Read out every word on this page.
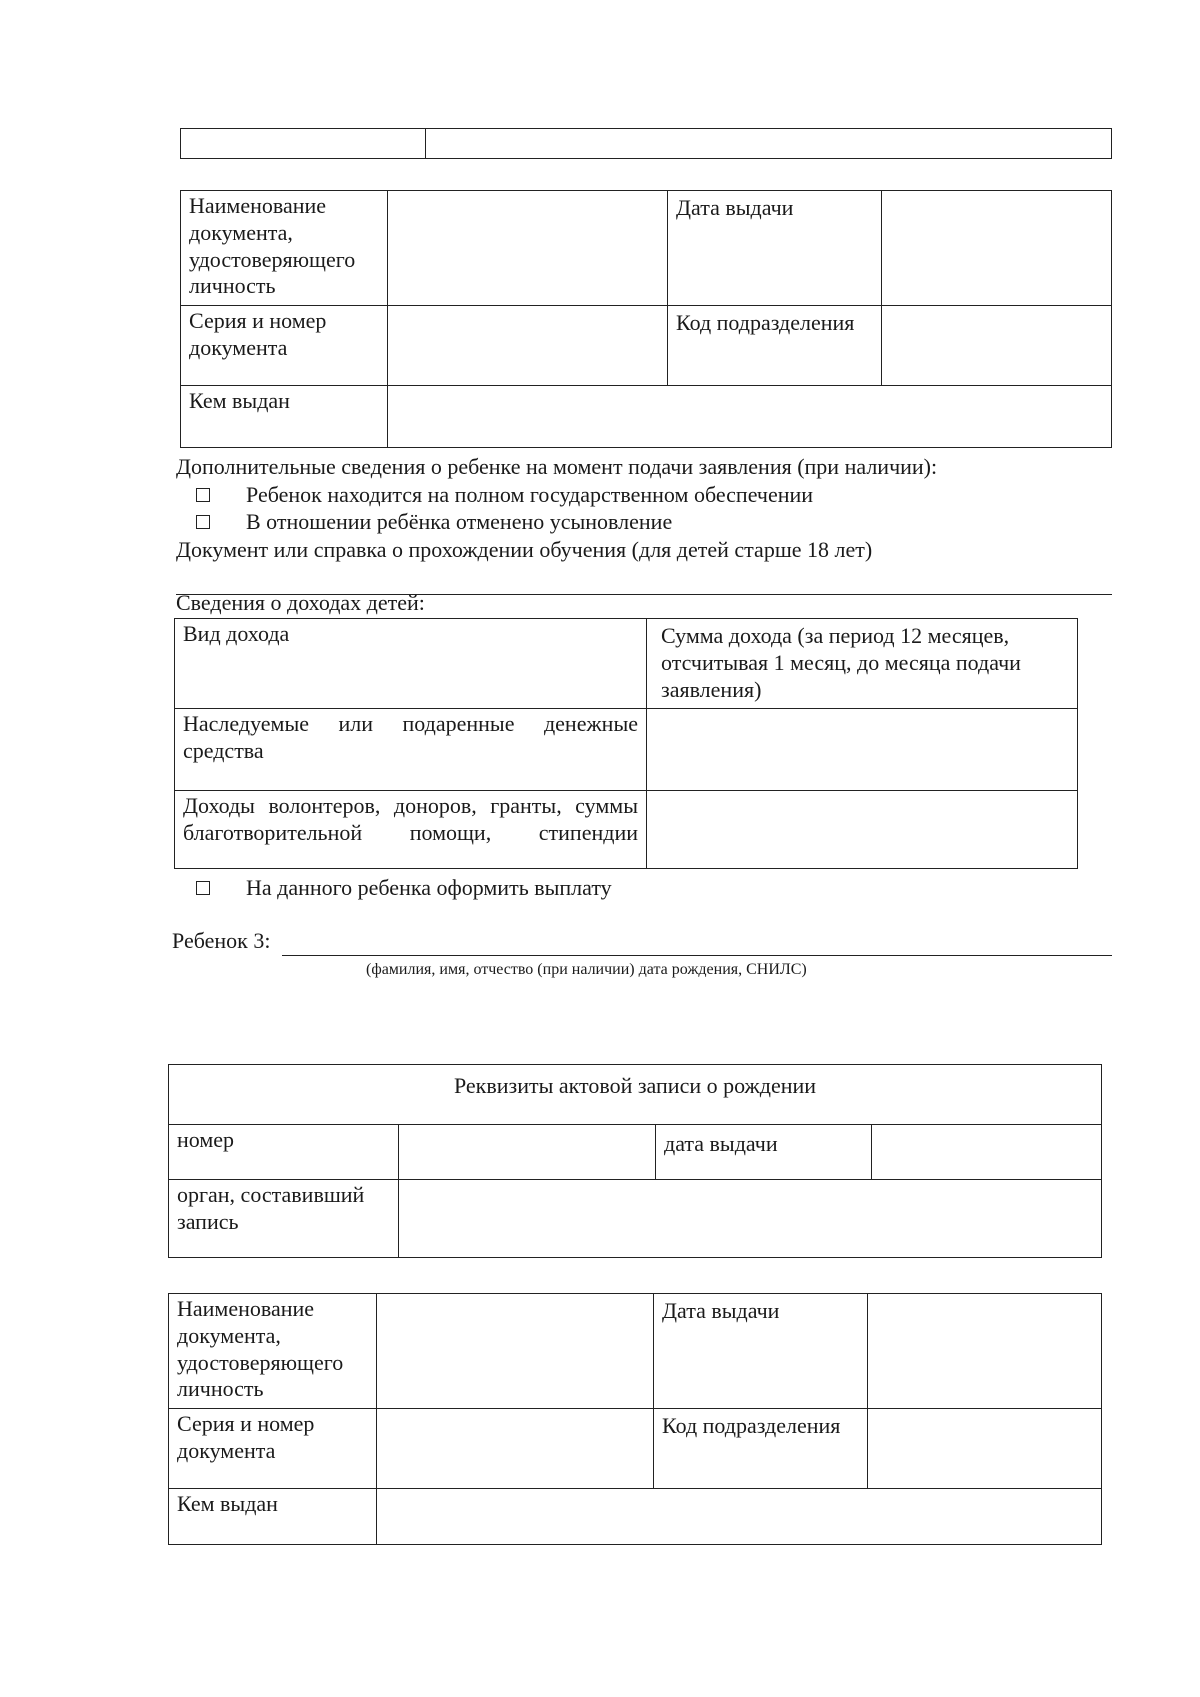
Наименование документа, удостоверяющего личность		Дата выдачи	
Серия и номер документа		Код подразделения	
Кем выдан			
Дополнительные сведения о ребенке на момент подачи заявления (при наличии):
Ребенок находится на полном государственном обеспечении
В отношении ребёнка отменено усыновление
Документ или справка о прохождении обучения (для детей старше 18 лет)
Сведения о доходах детей:
Вид дохода	Сумма дохода (за период 12 месяцев, отсчитывая 1 месяц, до месяца подачи заявления)
Наследуемые или подаренные денежные средства	
Доходы волонтеров, доноров, гранты, суммы благотворительной помощи, стипендии	
На данного ребенка оформить выплату
Ребенок 3:
(фамилия, имя, отчество (при наличии) дата рождения, СНИЛС)
Реквизиты актовой записи о рождении			
номер		дата выдачи	
орган, составивший запись			
Наименование документа, удостоверяющего личность		Дата выдачи	
Серия и номер документа		Код подразделения	
Кем выдан			
